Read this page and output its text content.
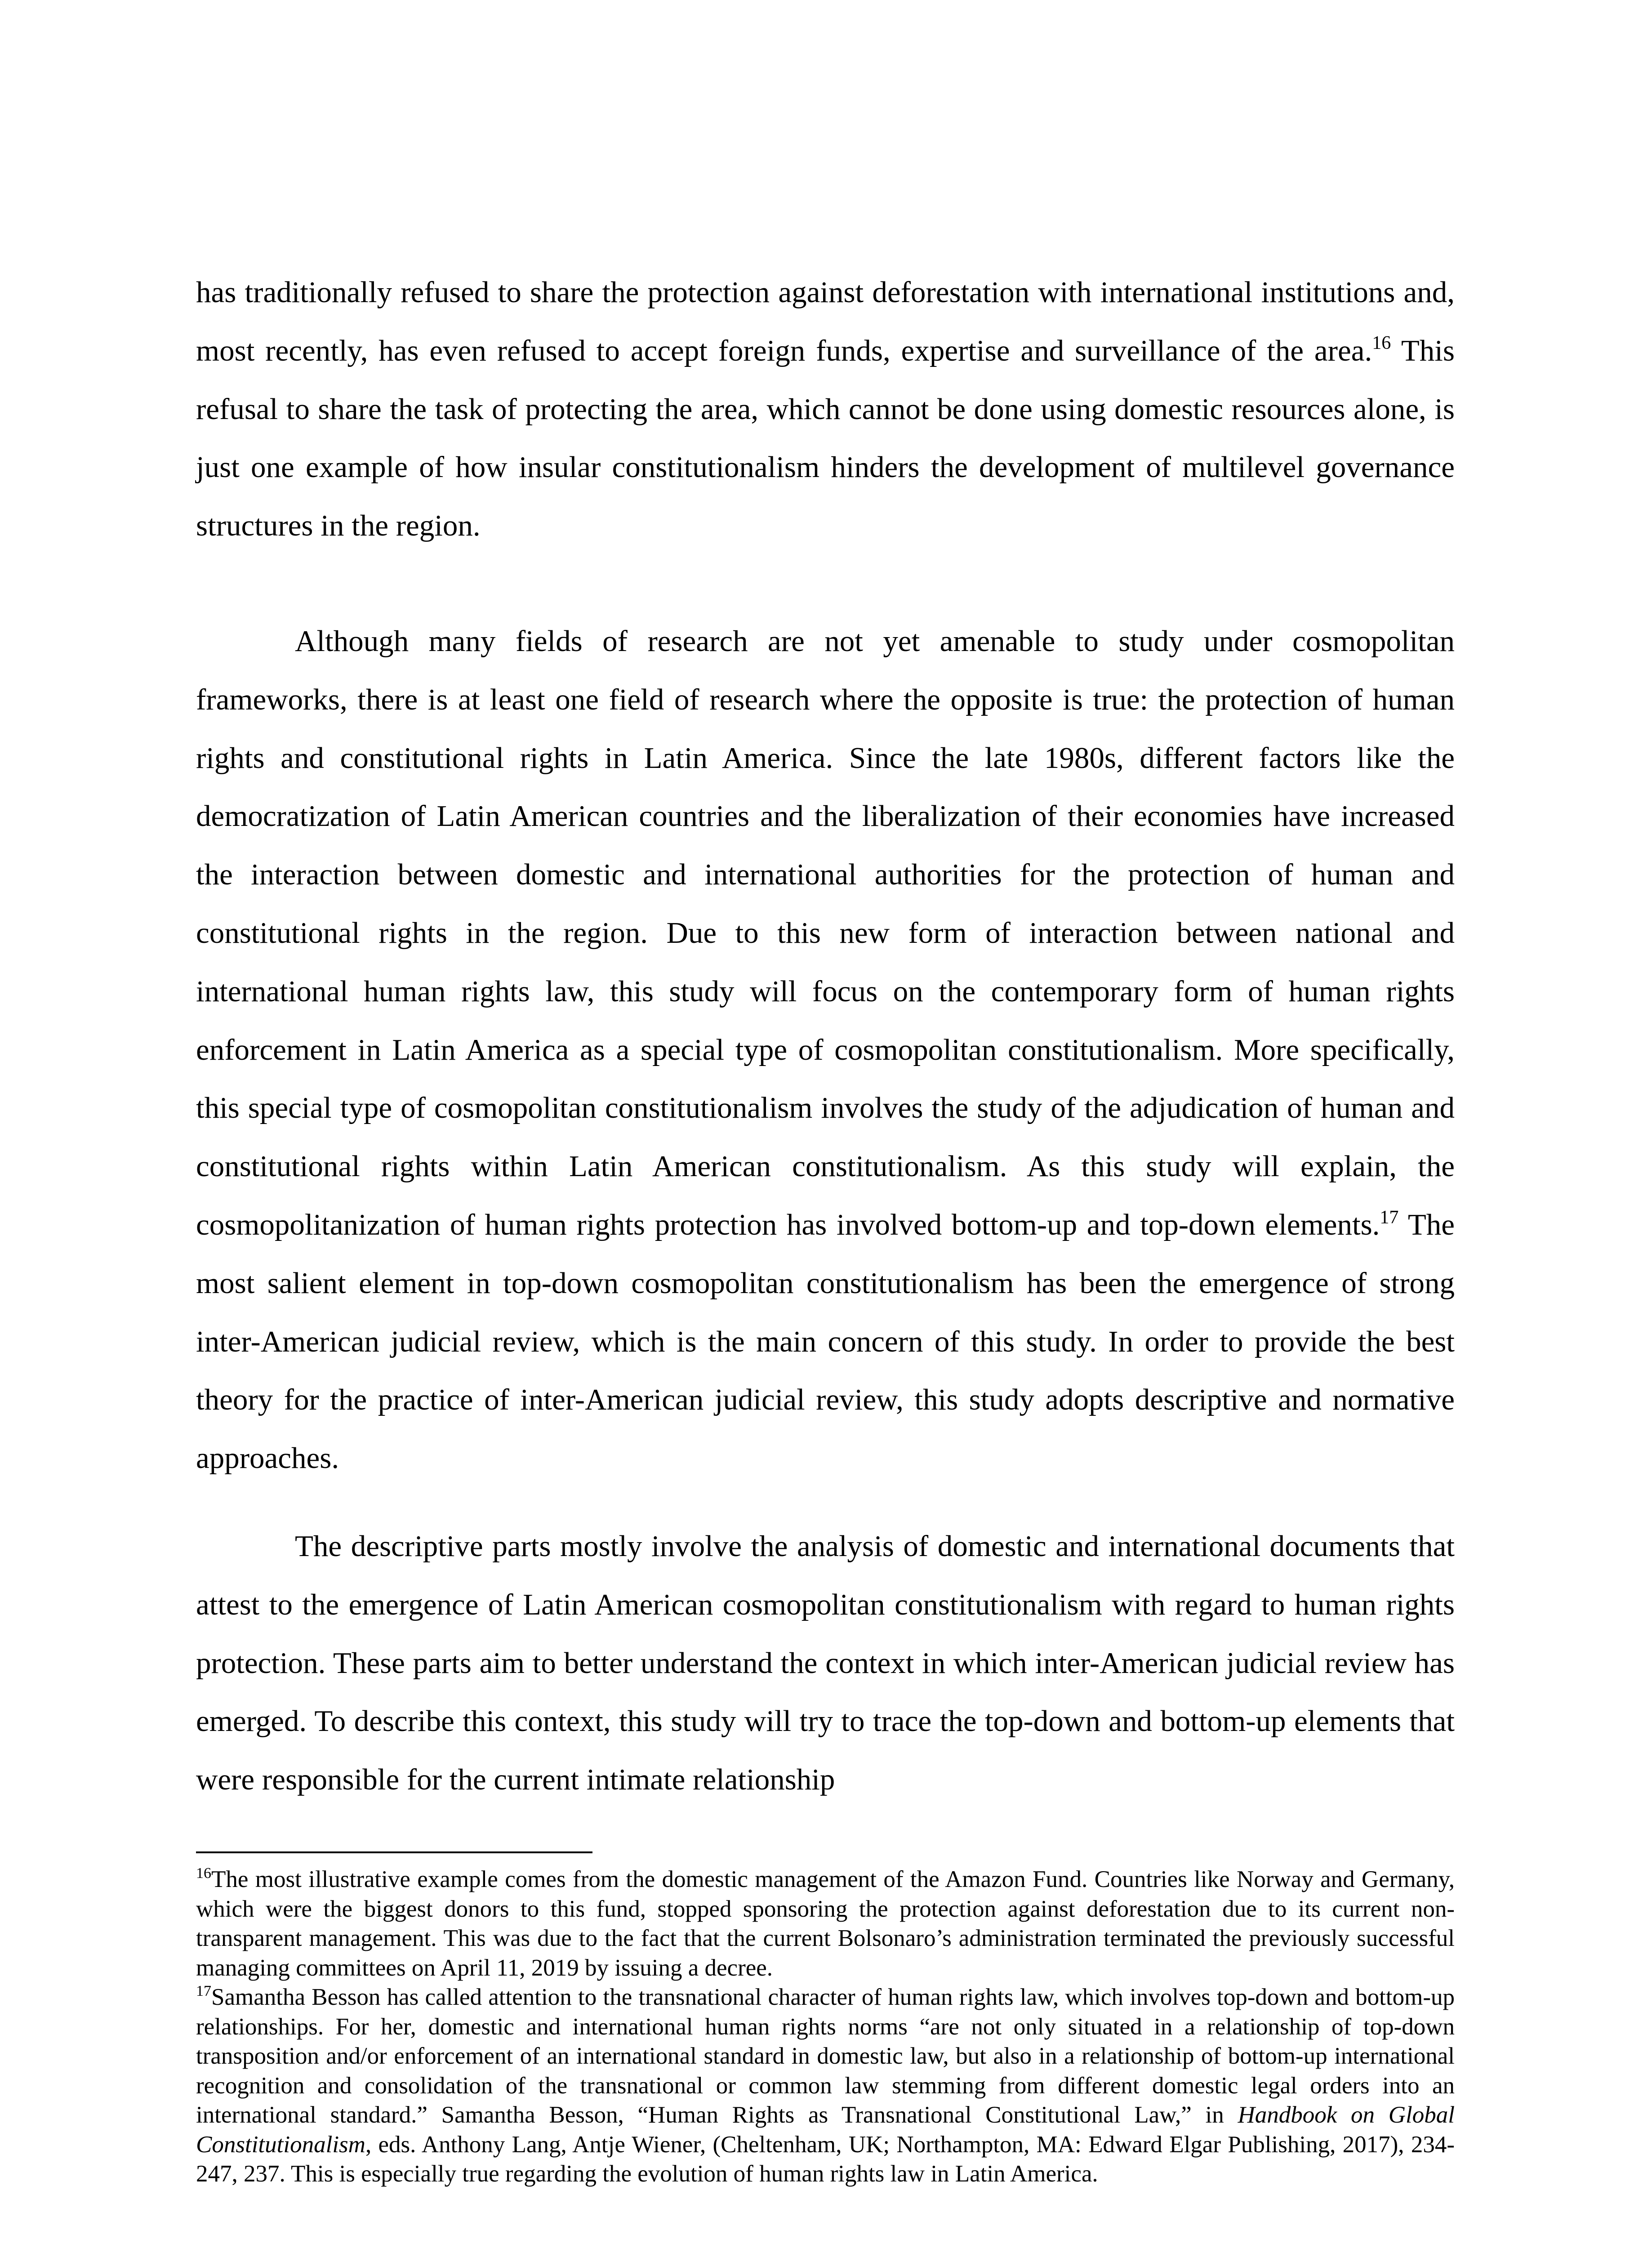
has traditionally refused to share the protection against deforestation with international institutions and, most recently, has even refused to accept foreign funds, expertise and surveillance of the area.$^{16}$ This refusal to share the task of protecting the area, which cannot be done using domestic resources alone, is just one example of how insular constitutionalism hinders the development of multilevel governance structures in the region.

Although many fields of research are not yet amenable to study under cosmopolitan frameworks, there is at least one field of research where the opposite is true: the protection of human rights and constitutional rights in Latin America. Since the late 1980s, different factors like the democratization of Latin American countries and the liberalization of their economies have increased the interaction between domestic and international authorities for the protection of human and constitutional rights in the region. Due to this new form of interaction between national and international human rights law, this study will focus on the contemporary form of human rights enforcement in Latin America as a special type of cosmopolitan constitutionalism. More specifically, this special type of cosmopolitan constitutionalism involves the study of the adjudication of human and constitutional rights within Latin American constitutionalism. As this study will explain, the cosmopolitanization of human rights protection has involved bottom-up and top-down elements.$^{17}$ The most salient element in top-down cosmopolitan constitutionalism has been the emergence of strong inter-American judicial review, which is the main concern of this study. In order to provide the best theory for the practice of inter-American judicial review, this study adopts descriptive and normative approaches.

The descriptive parts mostly involve the analysis of domestic and international documents that attest to the emergence of Latin American cosmopolitan constitutionalism with regard to human rights protection. These parts aim to better understand the context in which inter-American judicial review has emerged. To describe this context, this study will try to trace the top-down and bottom-up elements that were responsible for the current intimate relationship

$^{16}$The most illustrative example comes from the domestic management of the Amazon Fund. Countries like Norway and Germany, which were the biggest donors to this fund, stopped sponsoring the protection against deforestation due to its current non-transparent management. This was due to the fact that the current Bolsonaro’s administration terminated the previously successful managing committees on April 11, 2019 by issuing a decree.

$^{17}$Samantha Besson has called attention to the transnational character of human rights law, which involves top-down and bottom-up relationships. For her, domestic and international human rights norms “are not only situated in a relationship of top-down transposition and/or enforcement of an international standard in domestic law, but also in a relationship of bottom-up international recognition and consolidation of the transnational or common law stemming from different domestic legal orders into an international standard.” Samantha Besson, “Human Rights as Transnational Constitutional Law,” in Handbook on Global Constitutionalism, eds. Anthony Lang, Antje Wiener, (Cheltenham, UK; Northampton, MA: Edward Elgar Publishing, 2017), 234-247, 237. This is especially true regarding the evolution of human rights law in Latin America.
